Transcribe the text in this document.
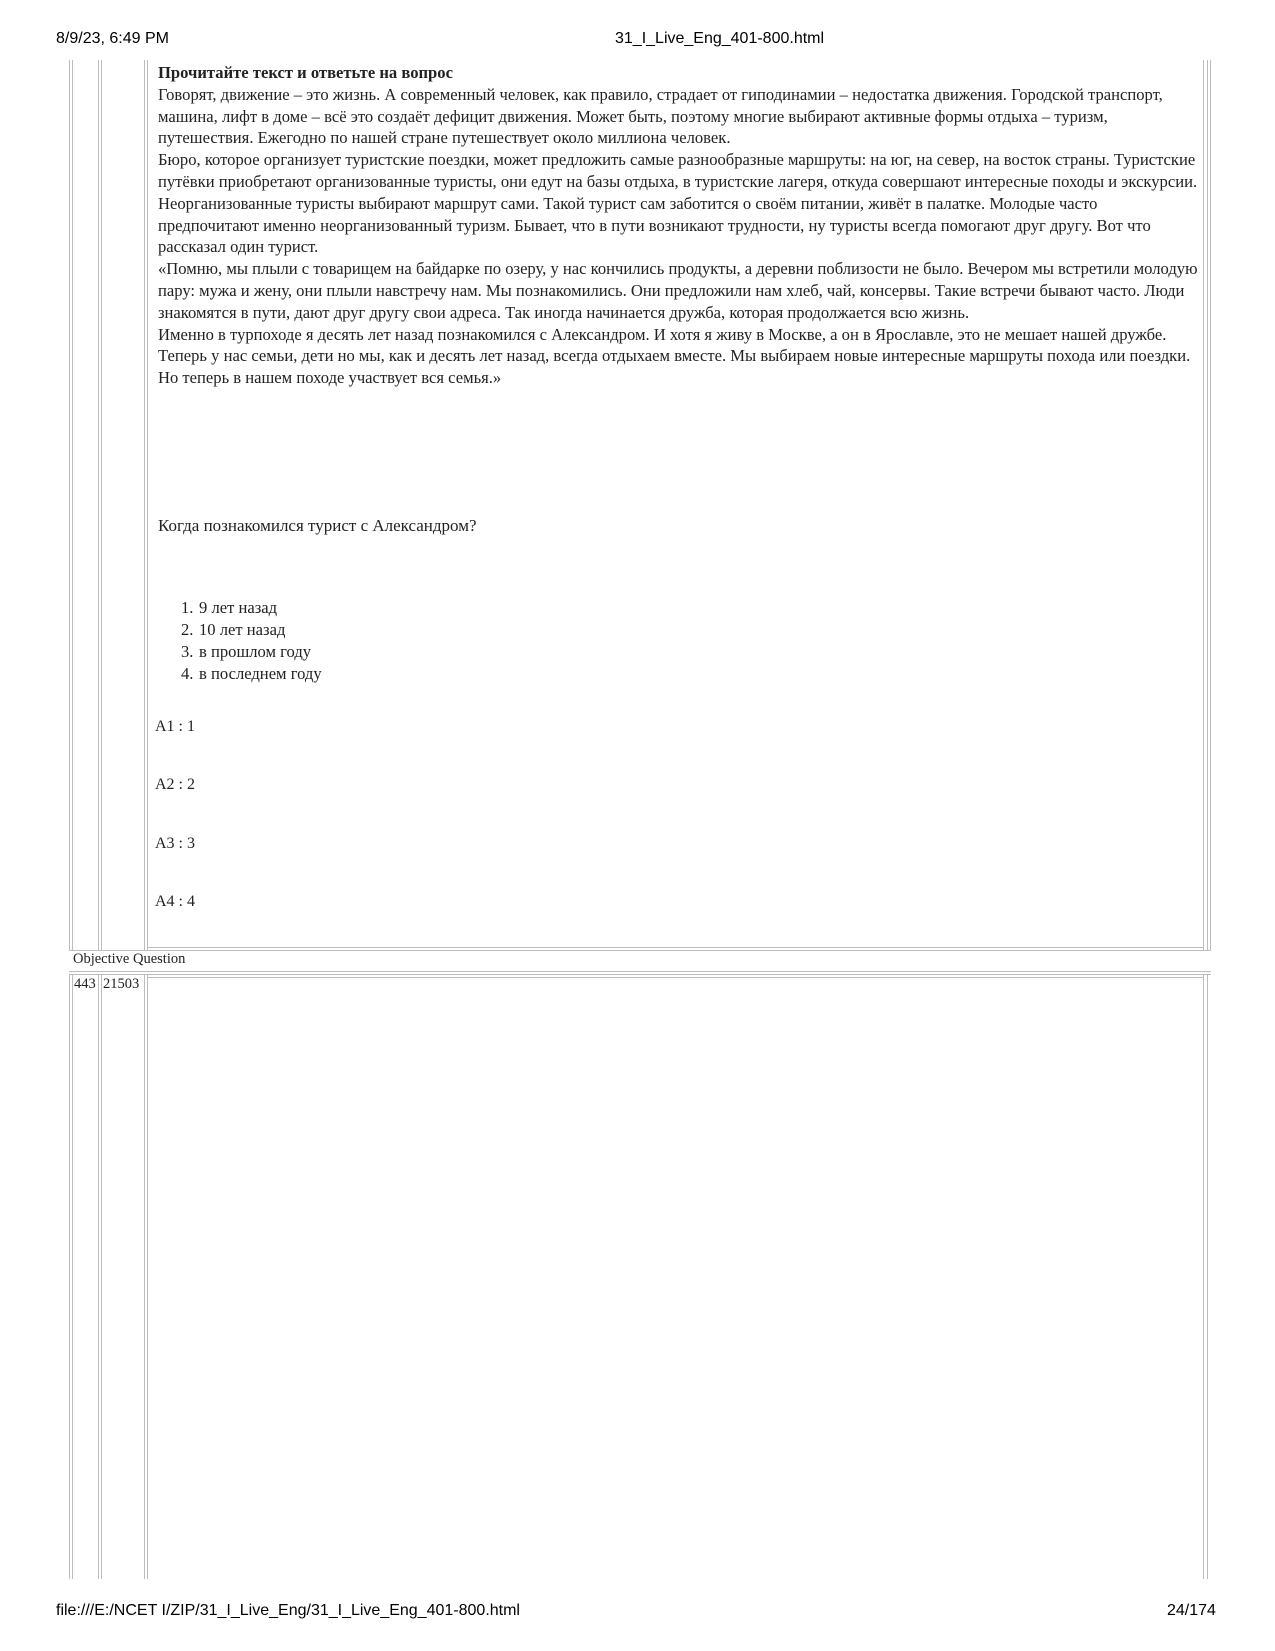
8/9/23, 6:49 PM	31_I_Live_Eng_401-800.html
Objective Question
443 21503

Прочитайте текст и ответьте на вопрос

Говорят, движение – это жизнь. А современный человек, как правило, страдает от гиподинамии – недостатка движения. Городской транспорт, машина, лифт в доме – всё это создаёт дефицит движения. Может быть, поэтому многие выбирают активные формы отдыха – туризм, путешествия. Ежегодно по нашей стране путешествует около миллиона человек.

Бюро, которое организует туристские поездки, может предложить самые разнообразные маршруты: на юг, на север, на восток страны. Туристские путёвки приобретают организованные туристы, они едут на базы отдыха, в туристские лагеря, откуда совершают интересные походы и экскурсии.

Неорганизованные туристы выбирают маршрут сами. Такой турист сам заботится о своём питании, живёт в палатке. Молодые часто предпочитают именно неорганизованный туризм. Бывает, что в пути возникают трудности, ну туристы всегда помогают друг другу. Вот что рассказал один турист.

«Помню, мы плыли с товарищем на байдарке по озеру, у нас кончились продукты, а деревни поблизости не было. Вечером мы встретили молодую пару: мужа и жену, они плыли навстречу нам. Мы познакомились. Они предложили нам хлеб, чай, консервы. Такие встречи бывают часто. Люди знакомятся в пути, дают друг другу свои адреса. Так иногда начинается дружба, которая продолжается всю жизнь.

Именно в турпоходе я десять лет назад познакомился с Александром. И хотя я живу в Москве, а он в Ярославле, это не мешает нашей дружбе. Теперь у нас семьи, дети но мы, как и десять лет назад, всегда отдыхаем вместе. Мы выбираем новые интересные маршруты похода или поездки. Но теперь в нашем походе участвует вся семья.»

Когда познакомился турист с Александром?
1. 9 лет назад
2. 10 лет назад
3. в прошлом году
4. в последнем году
A1 : 1
A2 : 2
A3 : 3
A4 : 4
file:///E:/NCET I/ZIP/31_I_Live_Eng/31_I_Live_Eng_401-800.html	24/174
